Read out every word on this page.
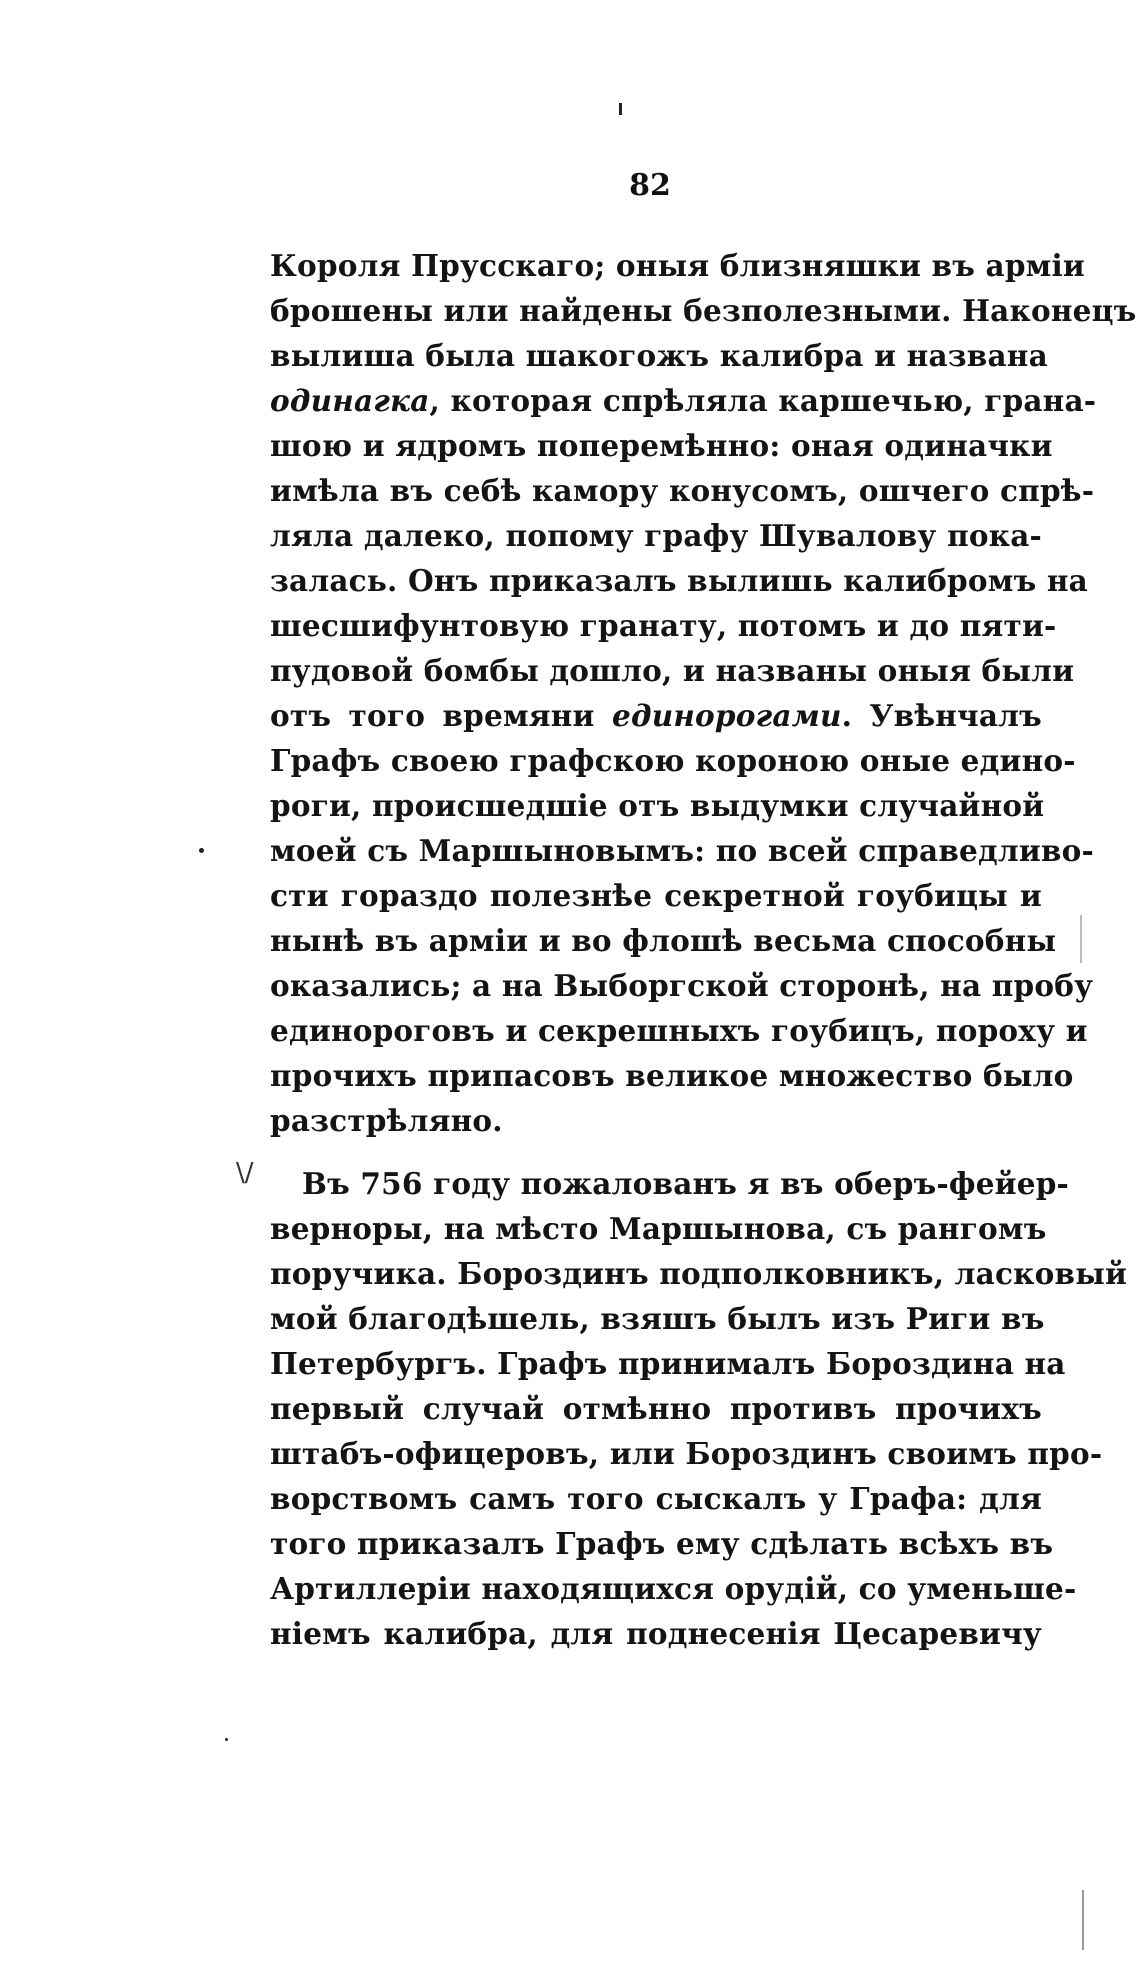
82
Короля Прусскаго; оныя близняшки въ арміи
брошены или найдены безполезными. Наконецъ
вылишa была шакогожъ калибра и названа
одинагка, которая спрѣляла каршечью, грана-
шою и ядромъ поперемѣнно: оная одиначки
имѣла въ себѣ камору конусомъ, ошчего спрѣ-
ляла далеко, попому графу Шувалову пока-
залась. Онъ приказалъ вылишь калибромъ на
шесшифунтовую гранату, потомъ и до пяти-
пудовой бомбы дошло, и названы оныя были
отъ того времяни единорогами. Увѣнчалъ
Графъ своею графскою короною оные едино-
роги, происшедшіе отъ выдумки случайной
моей съ Маршыновымъ: по всей справедливо-
сти гораздо полезнѣе секретной гоубицы и
нынѣ въ арміи и во флошѣ весьма способны
оказались; а на Выборгской сторонѣ, на пробу
единороговъ и секрешныхъ гоубицъ, пороху и
прочихъ припасовъ великое множество было
разстрѣляно.
Въ 756 году пожалованъ я въ оберъ-фейер-
верноры, на мѣсто Маршынова, съ рангомъ
поручика. Бороздинъ подполковникъ, ласковый
мой благодѣшель, взяшъ былъ изъ Риги въ
Петербургъ. Графъ принималъ Бороздина на
первый случай отмѣнно противъ прочихъ
штабъ-офицеровъ, или Бороздинъ своимъ про-
ворствомъ самъ того сыскалъ у Графа: для
того приказалъ Графъ ему сдѣлать всѣхъ въ
Артиллеріи находящихся орудій, со уменьше-
ніемъ калибра, для поднесенія Цесаревичу
\/
